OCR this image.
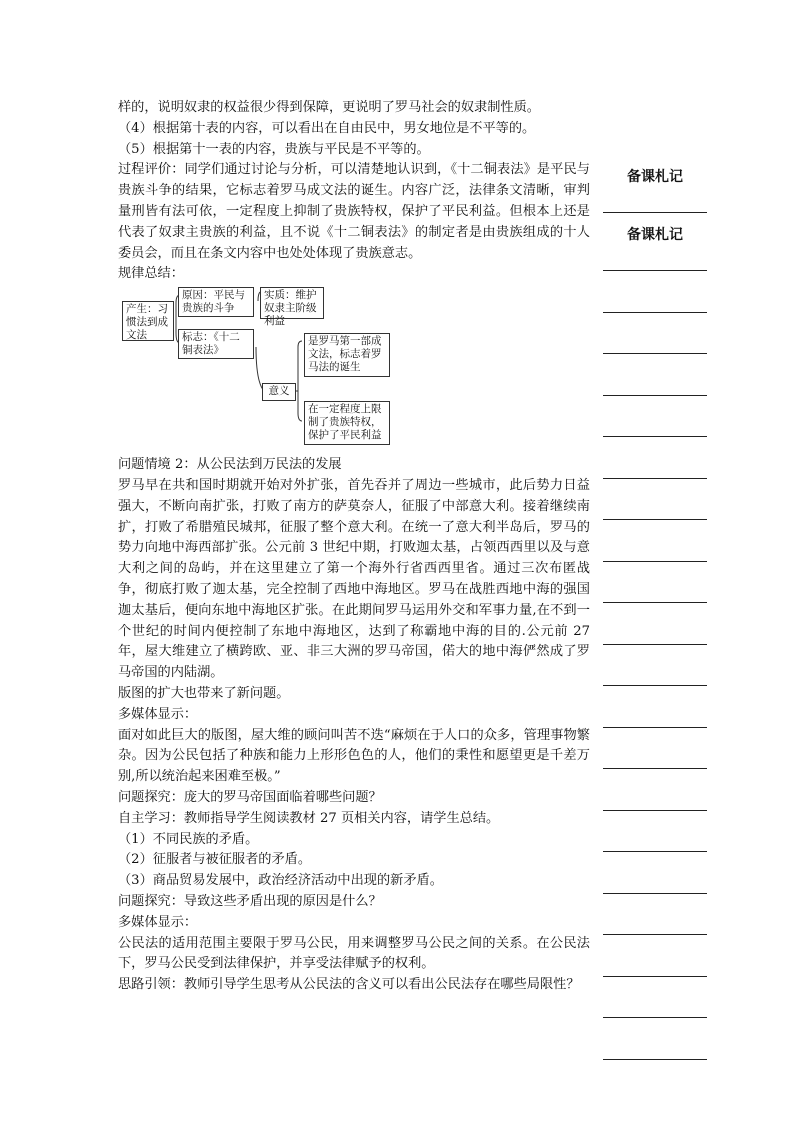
样的，说明奴隶的权益很少得到保障，更说明了罗马社会的奴隶制性质。

（4）根据第十表的内容，可以看出在自由民中，男女地位是不平等的。

（5）根据第十一表的内容，贵族与平民是不平等的。

过程评价：同学们通过讨论与分析，可以清楚地认识到，《十二铜表法》是平民与贵族斗争的结果，它标志着罗马成文法的诞生。内容广泛，法律条文清晰，审判量刑皆有法可依，一定程度上抑制了贵族特权，保护了平民利益。但根本上还是代表了奴隶主贵族的利益，且不说《十二铜表法》的制定者是由贵族组成的十人委员会，而且在条文内容中也处处体现了贵族意志。

规律总结：

产生：习惯法到成文法
原因：平民与贵族的斗争
实质：维护奴隶主阶级利益
标志：《十二铜表法》
意义
是罗马第一部成文法，标志着罗马法的诞生
在一定程度上限制了贵族特权，保护了平民利益

问题情境 2：从公民法到万民法的发展

罗马早在共和国时期就开始对外扩张，首先吞并了周边一些城市，此后势力日益强大，不断向南扩张，打败了南方的萨莫奈人，征服了中部意大利。接着继续南扩，打败了希腊殖民城邦，征服了整个意大利。在统一了意大利半岛后，罗马的势力向地中海西部扩张。公元前 3 世纪中期，打败迦太基，占领西西里以及与意大利之间的岛屿，并在这里建立了第一个海外行省西西里省。通过三次布匿战争，彻底打败了迦太基，完全控制了西地中海地区。罗马在战胜西地中海的强国迦太基后，便向东地中海地区扩张。在此期间罗马运用外交和军事力量,在不到一个世纪的时间内便控制了东地中海地区，达到了称霸地中海的目的.公元前 27 年，屋大维建立了横跨欧、亚、非三大洲的罗马帝国，偌大的地中海俨然成了罗马帝国的内陆湖。

版图的扩大也带来了新问题。

多媒体显示：

面对如此巨大的版图，屋大维的顾问叫苦不迭“麻烦在于人口的众多，管理事物繁杂。因为公民包括了种族和能力上形形色色的人，他们的秉性和愿望更是千差万别,所以统治起来困难至极。”

问题探究：庞大的罗马帝国面临着哪些问题？

自主学习：教师指导学生阅读教材 27 页相关内容，请学生总结。

（1）不同民族的矛盾。

（2）征服者与被征服者的矛盾。

（3）商品贸易发展中，政治经济活动中出现的新矛盾。

问题探究：导致这些矛盾出现的原因是什么？

多媒体显示：

公民法的适用范围主要限于罗马公民，用来调整罗马公民之间的关系。在公民法下，罗马公民受到法律保护，并享受法律赋予的权利。

思路引领：教师引导学生思考从公民法的含义可以看出公民法存在哪些局限性？

备课札记
备课札记
